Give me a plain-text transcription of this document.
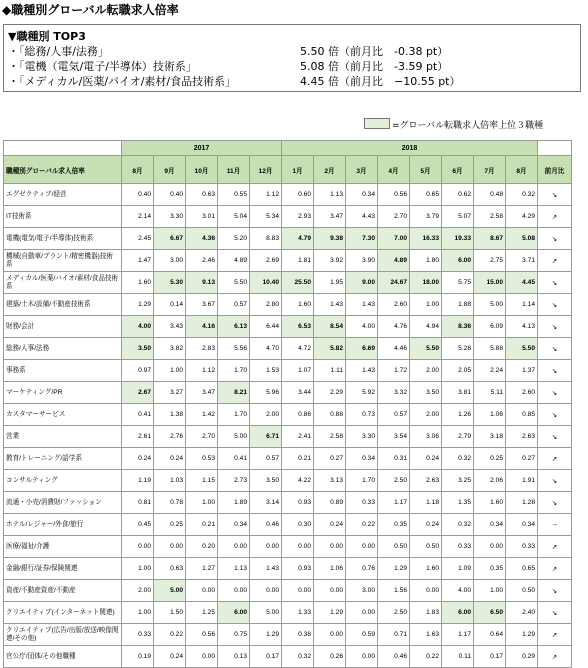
◆職種別グローバル転職求人倍率
▼職種別 TOP3
・「総務/人事/法務」	5.50 倍（前月比　-0.38 pt）
・「電機（電気/電子/半導体）技術系」	5.08 倍（前月比　-3.59 pt）
・「メディカル/医薬/バイオ/素材/食品技術系」	4.45 倍（前月比　−10.55 pt）
=グローバル転職求人倍率上位３職種
	2017					2018								
職種別グローバル求人倍率	8月	9月	10月	11月	12月	1月	2月	3月	4月	5月	6月	7月	8月	前月比
エグゼクティブ/経営	0.40	0.40	0.63	0.55	1.12	0.60	1.13	0.34	0.56	0.65	0.62	0.48	0.32	↘
IT技術系	2.14	3.30	3.01	5.04	5.34	2.93	3.47	4.43	2.70	3.79	5.07	2.58	4.29	↗
電機(電気/電子/半導体)技術系	2.45	6.67	4.36	5.20	8.83	4.79	9.38	7.30	7.00	16.33	19.33	8.67	5.08	↘
機械(自動車/プラント/精密機器)技術系	1.47	3.00	2.46	4.89	2.69	1.81	3.92	3.90	4.89	1.80	6.00	2.75	3.71	↗
メディカル/医薬/バイオ/素材/食品技術系	1.60	5.30	9.13	5.50	10.40	25.50	1.95	9.00	24.67	18.00	5.75	15.00	4.45	↘
建築/土木/設備/不動産技術系	1.29	0.14	3.67	0.57	2.80	1.60	1.43	1.43	2.60	1.00	1.88	5.00	1.14	↘
財務/会計	4.00	3.43	4.16	6.13	6.44	6.53	8.54	4.00	4.76	4.94	8.36	6.09	4.13	↘
総務/人事/法務	3.50	3.82	2.83	5.56	4.70	4.72	5.82	6.69	4.46	5.50	5.28	5.88	5.50	↘
事務系	0.97	1.00	1.12	1.70	1.53	1.07	1.11	1.43	1.72	2.00	2.05	2.24	1.37	↘
マーケティング/PR	2.67	3.27	3.47	8.21	5.96	3.44	2.29	5.92	3.32	3.50	3.81	5.11	2.60	↘
カスタマーサービス	0.41	1.38	1.42	1.70	2.00	0.86	0.88	0.73	0.57	2.00	1.26	1.06	0.85	↘
営業	2.61	2.76	2.70	5.00	6.71	2.41	2.58	3.30	3.54	3.06	2.79	3.18	2.63	↘
教育/トレーニング/語学系	0.24	0.24	0.53	0.41	0.57	0.21	0.27	0.34	0.31	0.24	0.32	0.25	0.27	↗
コンサルティング	1.19	1.03	1.15	2.73	3.50	4.22	3.13	1.70	2.50	2.63	3.25	2.06	1.91	↘
流通・小売/消費財/ファッション	0.81	0.78	1.00	1.89	3.14	0.93	0.89	0.33	1.17	1.18	1.35	1.60	1.28	↘
ホテル/レジャー/外食/旅行	0.45	0.25	0.21	0.34	0.46	0.30	0.24	0.22	0.35	0.24	0.32	0.34	0.34	→
医療/福祉/介護	0.00	0.00	0.20	0.00	0.00	0.00	0.00	0.00	0.50	0.50	0.33	0.00	0.33	↗
金融/銀行/証券/保険関連	1.00	0.63	1.27	1.13	1.43	0.93	1.06	0.76	1.29	1.60	1.09	0.35	0.65	↗
資産/不動産資産/不動産	2.00	5.00	0.00	0.00	0.00	0.00	0.00	3.00	1.56	0.00	4.00	1.00	0.50	↘
クリエイティブ(インターネット関連)	1.00	1.50	1.25	6.00	5.00	1.33	1.29	0.00	2.50	1.83	6.00	6.50	2.40	↘
クリエイティブ(広告/出版/放送/映像関連/その他)	0.33	0.22	0.56	0.75	1.29	0.38	0.00	0.59	0.71	1.63	1.17	0.64	1.29	↗
官公庁/団体/その他職種	0.19	0.24	0.00	0.13	0.17	0.32	0.26	0.00	0.46	0.22	0.11	0.17	0.29	↗
